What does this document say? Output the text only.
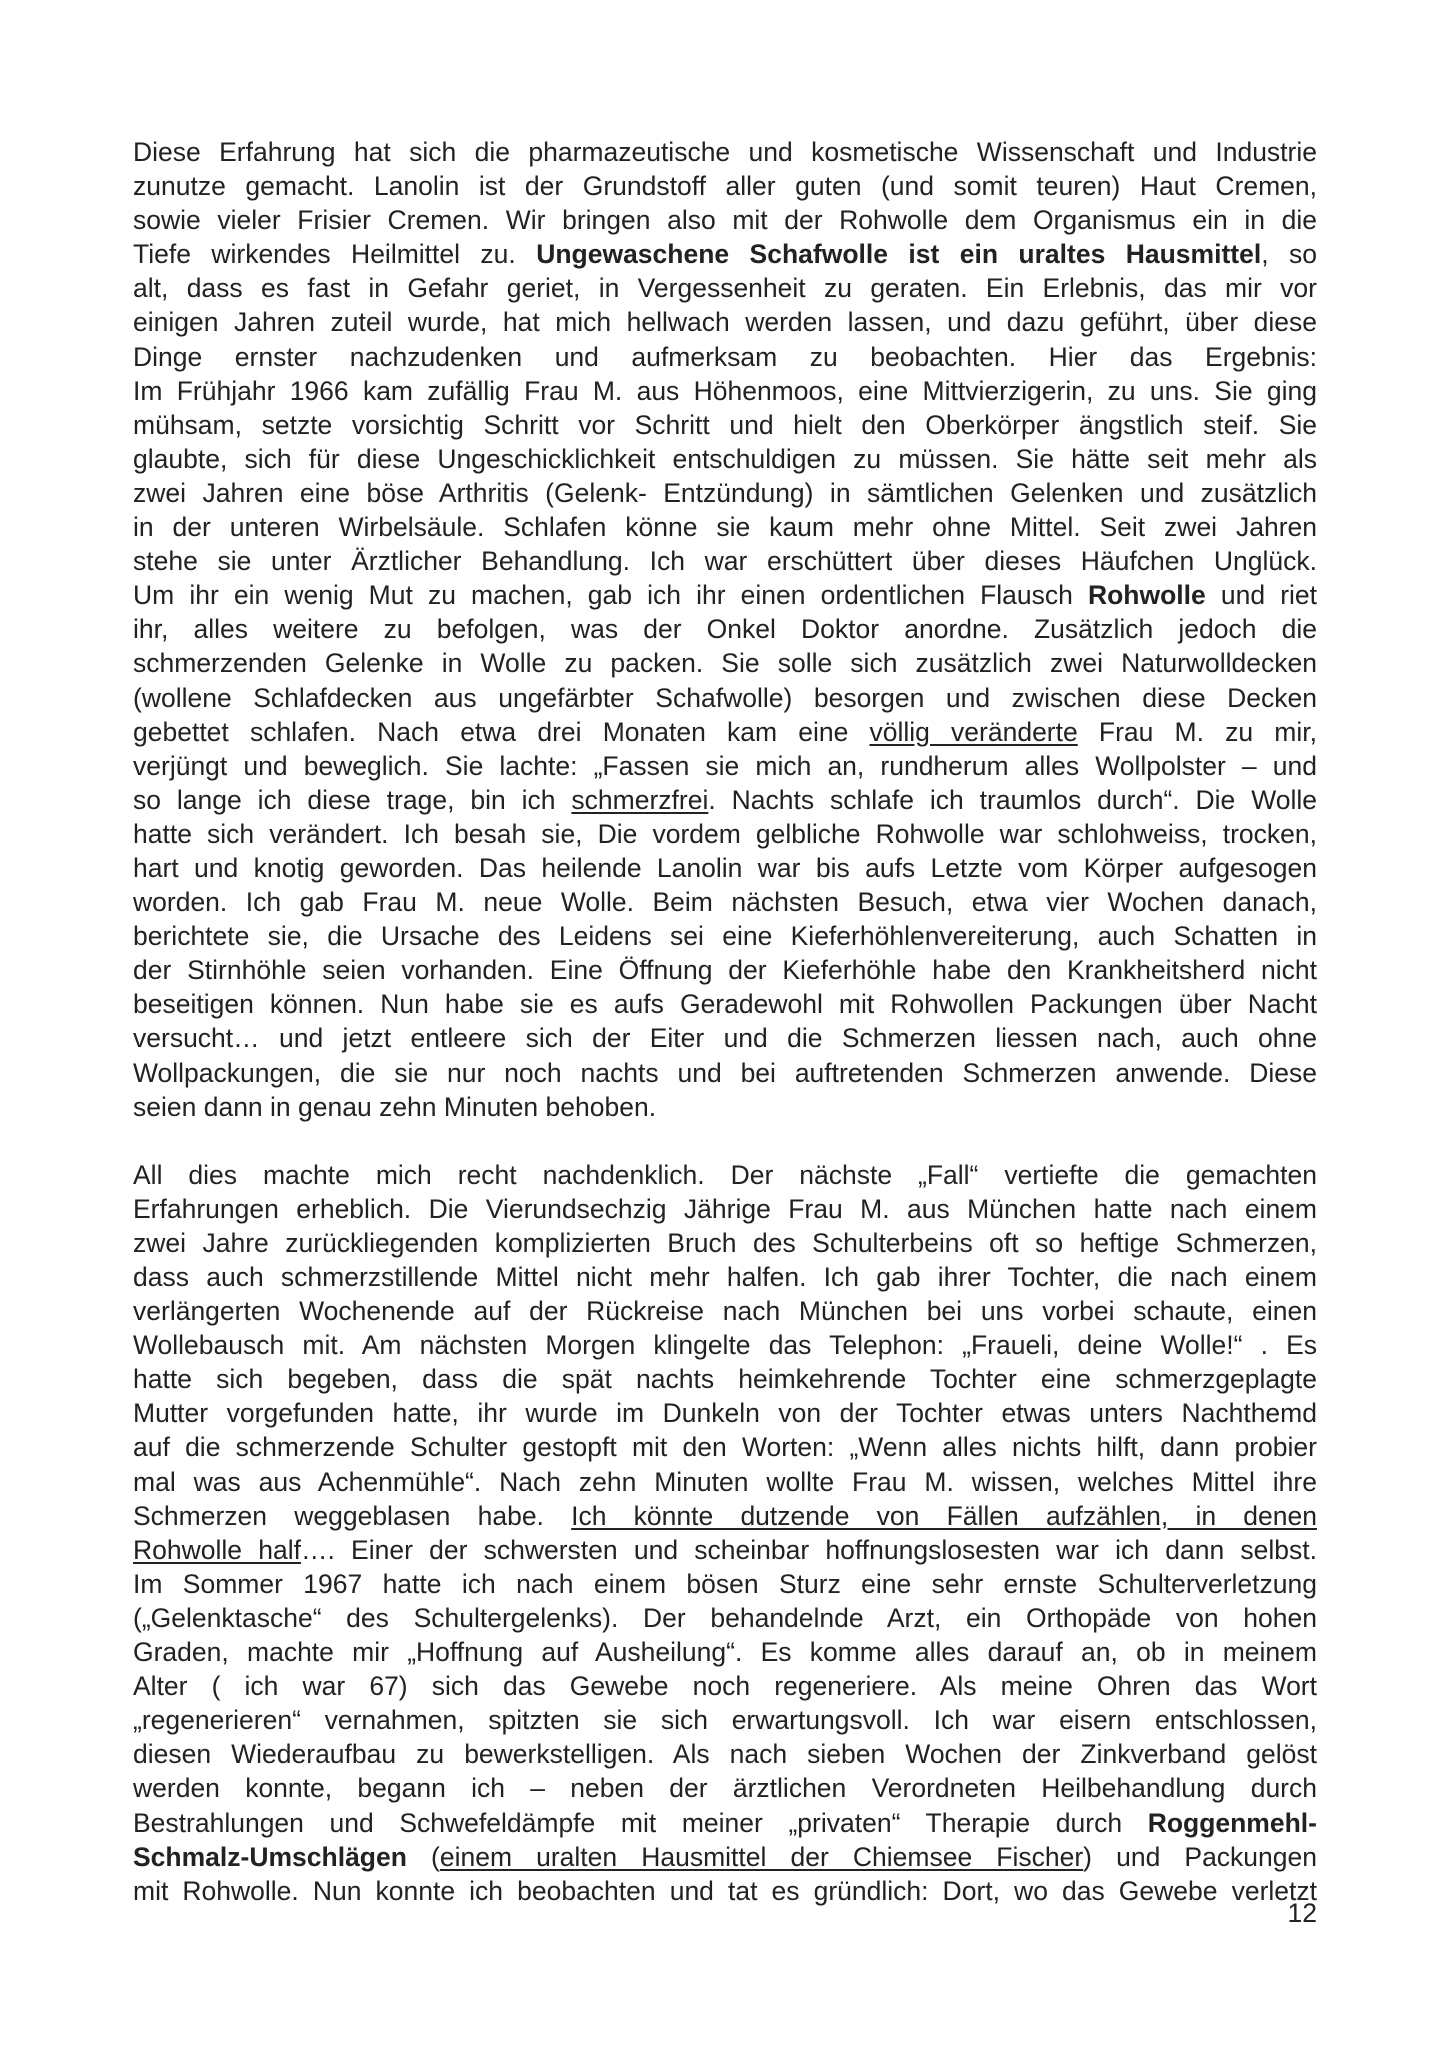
Diese Erfahrung hat sich die pharmazeutische und kosmetische Wissenschaft und Industrie
zunutze gemacht. Lanolin ist der Grundstoff aller guten (und somit teuren) Haut Cremen,
sowie vieler Frisier Cremen. Wir bringen also mit der Rohwolle dem Organismus ein in die
Tiefe wirkendes Heilmittel zu. Ungewaschene Schafwolle ist ein uraltes Hausmittel, so
alt, dass es fast in Gefahr geriet, in Vergessenheit zu geraten. Ein Erlebnis, das mir vor
einigen Jahren zuteil wurde, hat mich hellwach werden lassen, und dazu geführt, über diese
Dinge ernster nachzudenken und aufmerksam zu beobachten. Hier das Ergebnis:
Im Frühjahr 1966 kam zufällig Frau M. aus Höhenmoos, eine Mittvierzigerin, zu uns. Sie ging
mühsam, setzte vorsichtig Schritt vor Schritt und hielt den Oberkörper ängstlich steif. Sie
glaubte, sich für diese Ungeschicklichkeit entschuldigen zu müssen. Sie hätte seit mehr als
zwei Jahren eine böse Arthritis (Gelenk- Entzündung) in sämtlichen Gelenken und zusätzlich
in der unteren Wirbelsäule. Schlafen könne sie kaum mehr ohne Mittel. Seit zwei Jahren
stehe sie unter Ärztlicher Behandlung. Ich war erschüttert über dieses Häufchen Unglück.
Um ihr ein wenig Mut zu machen, gab ich ihr einen ordentlichen Flausch Rohwolle und riet
ihr, alles weitere zu befolgen, was der Onkel Doktor anordne. Zusätzlich jedoch die
schmerzenden Gelenke in Wolle zu packen. Sie solle sich zusätzlich zwei Naturwolldecken
(wollene Schlafdecken aus ungefärbter Schafwolle) besorgen und zwischen diese Decken
gebettet schlafen. Nach etwa drei Monaten kam eine völlig veränderte Frau M. zu mir,
verjüngt und beweglich. Sie lachte: „Fassen sie mich an, rundherum alles Wollpolster – und
so lange ich diese trage, bin ich schmerzfrei. Nachts schlafe ich traumlos durch“. Die Wolle
hatte sich verändert. Ich besah sie, Die vordem gelbliche Rohwolle war schlohweiss, trocken,
hart und knotig geworden. Das heilende Lanolin war bis aufs Letzte vom Körper aufgesogen
worden. Ich gab Frau M. neue Wolle. Beim nächsten Besuch, etwa vier Wochen danach,
berichtete sie, die Ursache des Leidens sei eine Kieferhöhlenvereiterung, auch Schatten in
der Stirnhöhle seien vorhanden. Eine Öffnung der Kieferhöhle habe den Krankheitsherd nicht
beseitigen können. Nun habe sie es aufs Geradewohl mit Rohwollen Packungen über Nacht
versucht… und jetzt entleere sich der Eiter und die Schmerzen liessen nach, auch ohne
Wollpackungen, die sie nur noch nachts und bei auftretenden Schmerzen anwende. Diese
seien dann in genau zehn Minuten behoben.
All dies machte mich recht nachdenklich. Der nächste „Fall“ vertiefte die gemachten
Erfahrungen erheblich. Die Vierundsechzig Jährige Frau M. aus München hatte nach einem
zwei Jahre zurückliegenden komplizierten Bruch des Schulterbeins oft so heftige Schmerzen,
dass auch schmerzstillende Mittel nicht mehr halfen. Ich gab ihrer Tochter, die nach einem
verlängerten Wochenende auf der Rückreise nach München bei uns vorbei schaute, einen
Wollebausch mit. Am nächsten Morgen klingelte das Telephon: „Fraueli, deine Wolle!“ . Es
hatte sich begeben, dass die spät nachts heimkehrende Tochter eine schmerzgeplagte
Mutter vorgefunden hatte, ihr wurde im Dunkeln von der Tochter etwas unters Nachthemd
auf die schmerzende Schulter gestopft mit den Worten: „Wenn alles nichts hilft, dann probier
mal was aus Achenmühle“. Nach zehn Minuten wollte Frau M. wissen, welches Mittel ihre
Schmerzen weggeblasen habe. Ich könnte dutzende von Fällen aufzählen, in denen
Rohwolle half…. Einer der schwersten und scheinbar hoffnungslosesten war ich dann selbst.
Im Sommer 1967 hatte ich nach einem bösen Sturz eine sehr ernste Schulterverletzung
(„Gelenktasche“ des Schultergelenks). Der behandelnde Arzt, ein Orthopäde von hohen
Graden, machte mir „Hoffnung auf Ausheilung“. Es komme alles darauf an, ob in meinem
Alter ( ich war 67) sich das Gewebe noch regeneriere. Als meine Ohren das Wort
„regenerieren“ vernahmen, spitzten sie sich erwartungsvoll. Ich war eisern entschlossen,
diesen Wiederaufbau zu bewerkstelligen. Als nach sieben Wochen der Zinkverband gelöst
werden konnte, begann ich – neben der ärztlichen Verordneten Heilbehandlung durch
Bestrahlungen und Schwefeldämpfe mit meiner „privaten“ Therapie durch Roggenmehl-
Schmalz-Umschlägen (einem uralten Hausmittel der Chiemsee Fischer) und Packungen
mit Rohwolle. Nun konnte ich beobachten und tat es gründlich: Dort, wo das Gewebe verletzt
12
